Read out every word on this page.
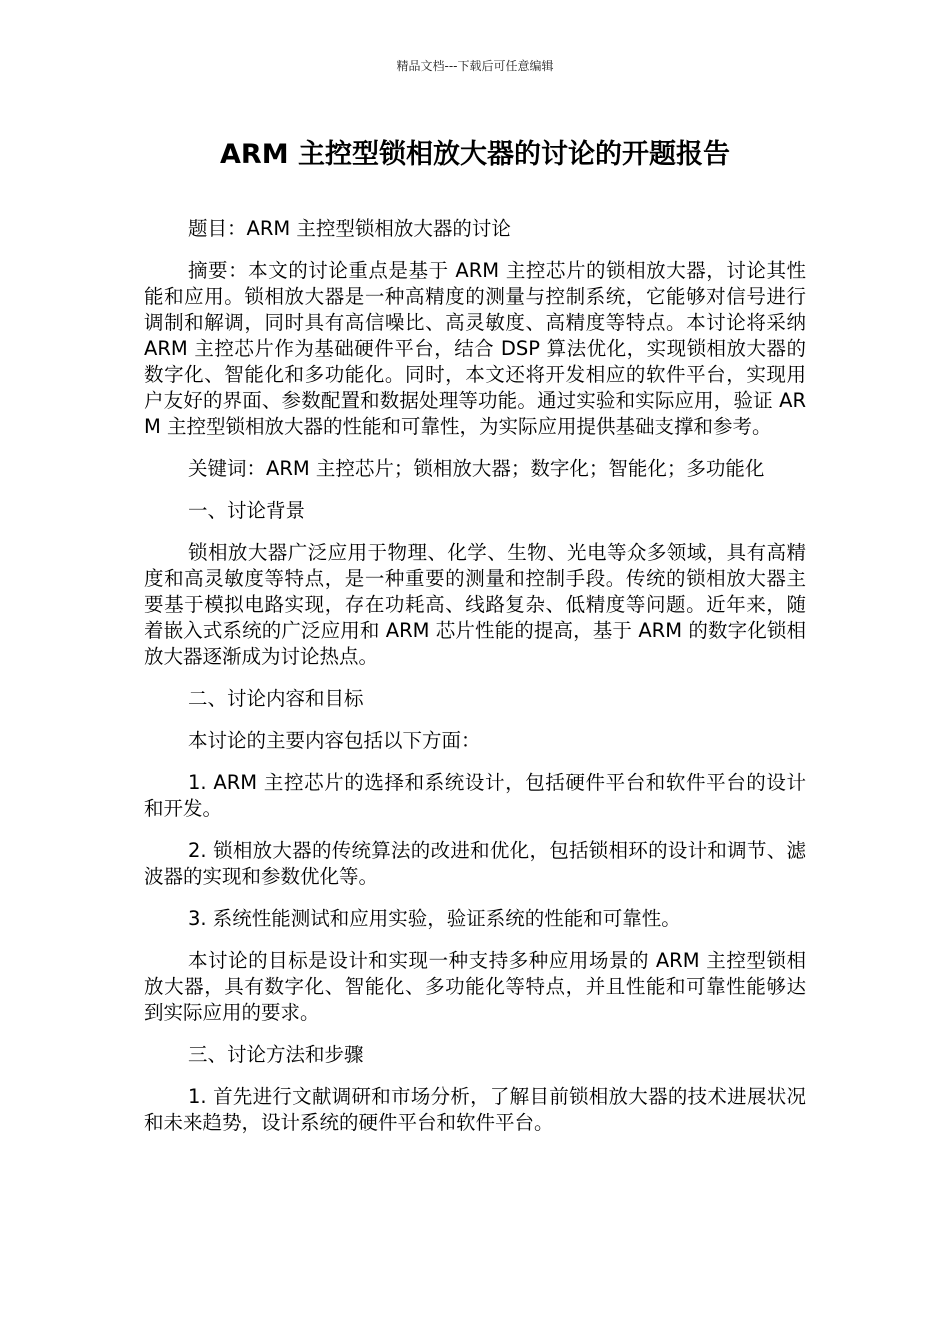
精品文档---下载后可任意编辑
ARM 主控型锁相放大器的讨论的开题报告

题目：ARM 主控型锁相放大器的讨论

摘要：本文的讨论重点是基于 ARM 主控芯片的锁相放大器，讨论其性能和应用。锁相放大器是一种高精度的测量与控制系统，它能够对信号进行调制和解调，同时具有高信噪比、高灵敏度、高精度等特点。本讨论将采纳 ARM 主控芯片作为基础硬件平台，结合 DSP 算法优化，实现锁相放大器的数字化、智能化和多功能化。同时，本文还将开发相应的软件平台，实现用户友好的界面、参数配置和数据处理等功能。通过实验和实际应用，验证 ARM 主控型锁相放大器的性能和可靠性，为实际应用提供基础支撑和参考。

关键词：ARM 主控芯片；锁相放大器；数字化；智能化；多功能化

一、讨论背景

锁相放大器广泛应用于物理、化学、生物、光电等众多领域，具有高精度和高灵敏度等特点，是一种重要的测量和控制手段。传统的锁相放大器主要基于模拟电路实现，存在功耗高、线路复杂、低精度等问题。近年来，随着嵌入式系统的广泛应用和 ARM 芯片性能的提高，基于 ARM 的数字化锁相放大器逐渐成为讨论热点。

二、讨论内容和目标

本讨论的主要内容包括以下方面：

1. ARM 主控芯片的选择和系统设计，包括硬件平台和软件平台的设计和开发。

2. 锁相放大器的传统算法的改进和优化，包括锁相环的设计和调节、滤波器的实现和参数优化等。

3. 系统性能测试和应用实验，验证系统的性能和可靠性。

本讨论的目标是设计和实现一种支持多种应用场景的 ARM 主控型锁相放大器，具有数字化、智能化、多功能化等特点，并且性能和可靠性能够达到实际应用的要求。

三、讨论方法和步骤

1. 首先进行文献调研和市场分析，了解目前锁相放大器的技术进展状况和未来趋势，设计系统的硬件平台和软件平台。
